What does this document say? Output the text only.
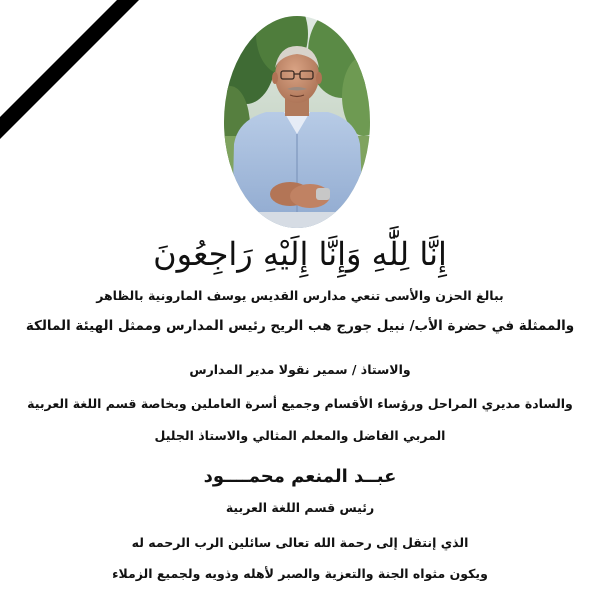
إِنَّا لِلَّٰهِ وَإِنَّا إِلَيْهِ رَاجِعُونَ
ببالغ الحزن والأسى تنعي مدارس القديس يوسف المارونية بالظاهر
والممثلة في حضرة الأب/ نبيل جورج هب الريح رئيس المدارس وممثل الهيئة المالكة
والاستاذ / سمير نقولا مدير المدارس
والسادة مديري المراحل ورؤساء الأقسام وجميع أسرة العاملين وبخاصة قسم اللغة العربية
المربي الفاضل والمعلم المثالي والاستاذ الجليل
عبــد المنعم محمــــود
رئيس قسم اللغة العربية
الذي إنتقل إلى رحمة الله تعالى سائلين الرب الرحمه له
ويكون مثواه الجنة والتعزية والصبر لأهله وذويه ولجميع الزملاء
